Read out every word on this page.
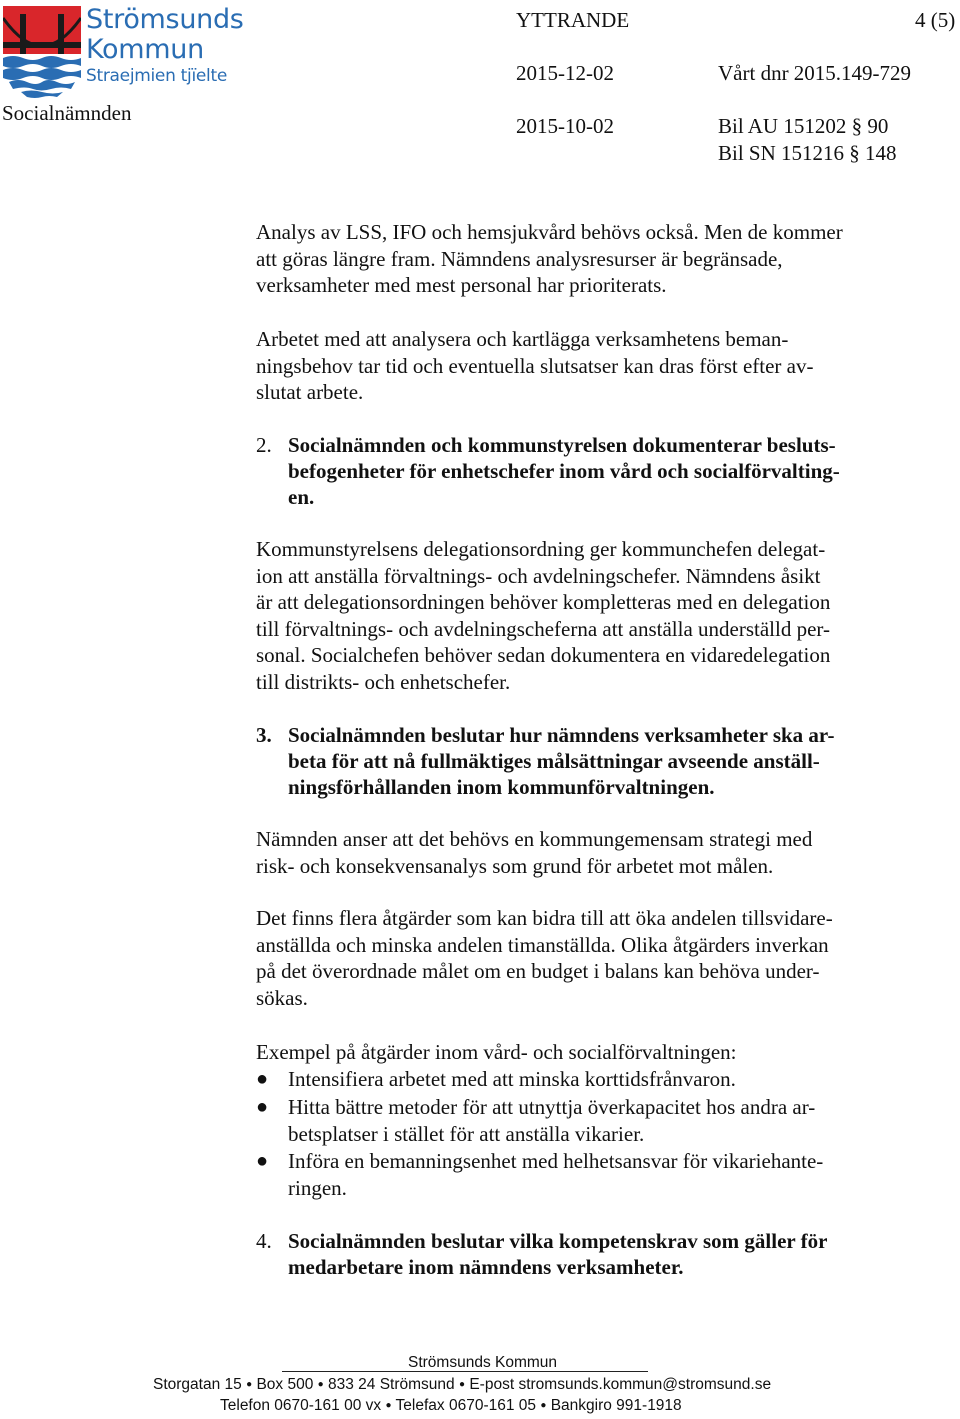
Strömsunds
Kommun
Straejmien tjïelte
Socialnämnden
YTTRANDE	4 (5)
2015-12-02	Vårt dnr 2015.149-729
2015-10-02	Bil AU 151202 § 90
Bil SN 151216 § 148
Analys av LSS, IFO och hemsjukvård behövs också. Men de kommer
att göras längre fram. Nämndens analysresurser är begränsade,
verksamheter med mest personal har prioriterats.
Arbetet med att analysera och kartlägga verksamhetens beman-
ningsbehov tar tid och eventuella slutsatser kan dras först efter av-
slutat arbete.
2. Socialnämnden och kommunstyrelsen dokumenterar besluts-
befogenheter för enhetschefer inom vård och socialförvalting-
en.
Kommunstyrelsens delegationsordning ger kommunchefen delegat-
ion att anställa förvaltnings- och avdelningschefer. Nämndens åsikt
är att delegationsordningen behöver kompletteras med en delegation
till förvaltnings- och avdelningscheferna att anställa underställd per-
sonal. Socialchefen behöver sedan dokumentera en vidaredelegation
till distrikts- och enhetschefer.
3. Socialnämnden beslutar hur nämndens verksamheter ska ar-
beta för att nå fullmäktiges målsättningar avseende anställ-
ningsförhållanden inom kommunförvaltningen.
Nämnden anser att det behövs en kommungemensam strategi med
risk- och konsekvensanalys som grund för arbetet mot målen.
Det finns flera åtgärder som kan bidra till att öka andelen tillsvidare-
anställda och minska andelen timanställda. Olika åtgärders inverkan
på det överordnade målet om en budget i balans kan behöva under-
sökas.
Exempel på åtgärder inom vård- och socialförvaltningen:
● Intensifiera arbetet med att minska korttidsfrånvaron.
● Hitta bättre metoder för att utnyttja överkapacitet hos andra ar-
betsplatser i stället för att anställa vikarier.
● Införa en bemanningsenhet med helhetsansvar för vikariehante-
ringen.
4. Socialnämnden beslutar vilka kompetenskrav som gäller för
medarbetare inom nämndens verksamheter.
Strömsunds Kommun
Storgatan 15 ● Box 500 ● 833 24 Strömsund ● E-post stromsunds.kommun@stromsund.se
Telefon 0670-161 00 vx ● Telefax 0670-161 05 ● Bankgiro 991-1918
